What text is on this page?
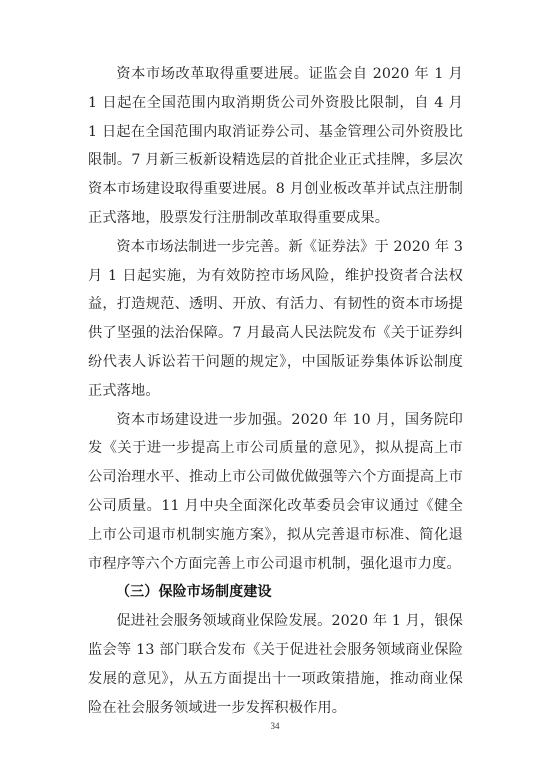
资本市场改革取得重要进展。证监会自 2020 年 1 月 1 日起在全国范围内取消期货公司外资股比限制，自 4 月 1 日起在全国范围内取消证券公司、基金管理公司外资股比限制。7 月新三板新设精选层的首批企业正式挂牌，多层次资本市场建设取得重要进展。8 月创业板改革并试点注册制正式落地，股票发行注册制改革取得重要成果。

资本市场法制进一步完善。新《证券法》于 2020 年 3 月 1 日起实施，为有效防控市场风险，维护投资者合法权益，打造规范、透明、开放、有活力、有韧性的资本市场提供了坚强的法治保障。7 月最高人民法院发布《关于证券纠纷代表人诉讼若干问题的规定》，中国版证券集体诉讼制度正式落地。

资本市场建设进一步加强。2020 年 10 月，国务院印发《关于进一步提高上市公司质量的意见》，拟从提高上市公司治理水平、推动上市公司做优做强等六个方面提高上市公司质量。11 月中央全面深化改革委员会审议通过《健全上市公司退市机制实施方案》，拟从完善退市标准、简化退市程序等六个方面完善上市公司退市机制，强化退市力度。

（三）保险市场制度建设

促进社会服务领域商业保险发展。2020 年 1 月，银保监会等 13 部门联合发布《关于促进社会服务领域商业保险发展的意见》，从五方面提出十一项政策措施，推动商业保险在社会服务领域进一步发挥积极作用。

34
